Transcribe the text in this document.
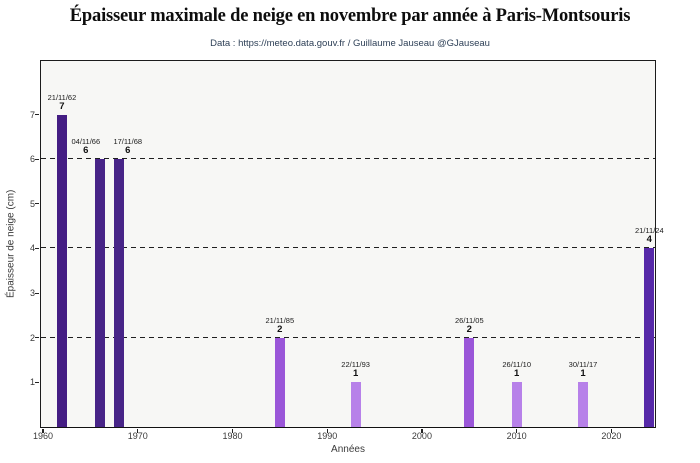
Épaisseur maximale de neige en novembre par année à Paris-Montsouris
Data : https://meteo.data.gouv.fr / Guillaume Jauseau @GJauseau
Épaisseur de neige (cm)
1
2
3
4
5
6
7
1960	1970	1980	1990	2000	2010	2020
21/11/62
7
04/11/66
6
17/11/68
6
21/11/85
2
22/11/93
1
26/11/05
2
26/11/10
1
30/11/17
1
21/11/24
4
Années
